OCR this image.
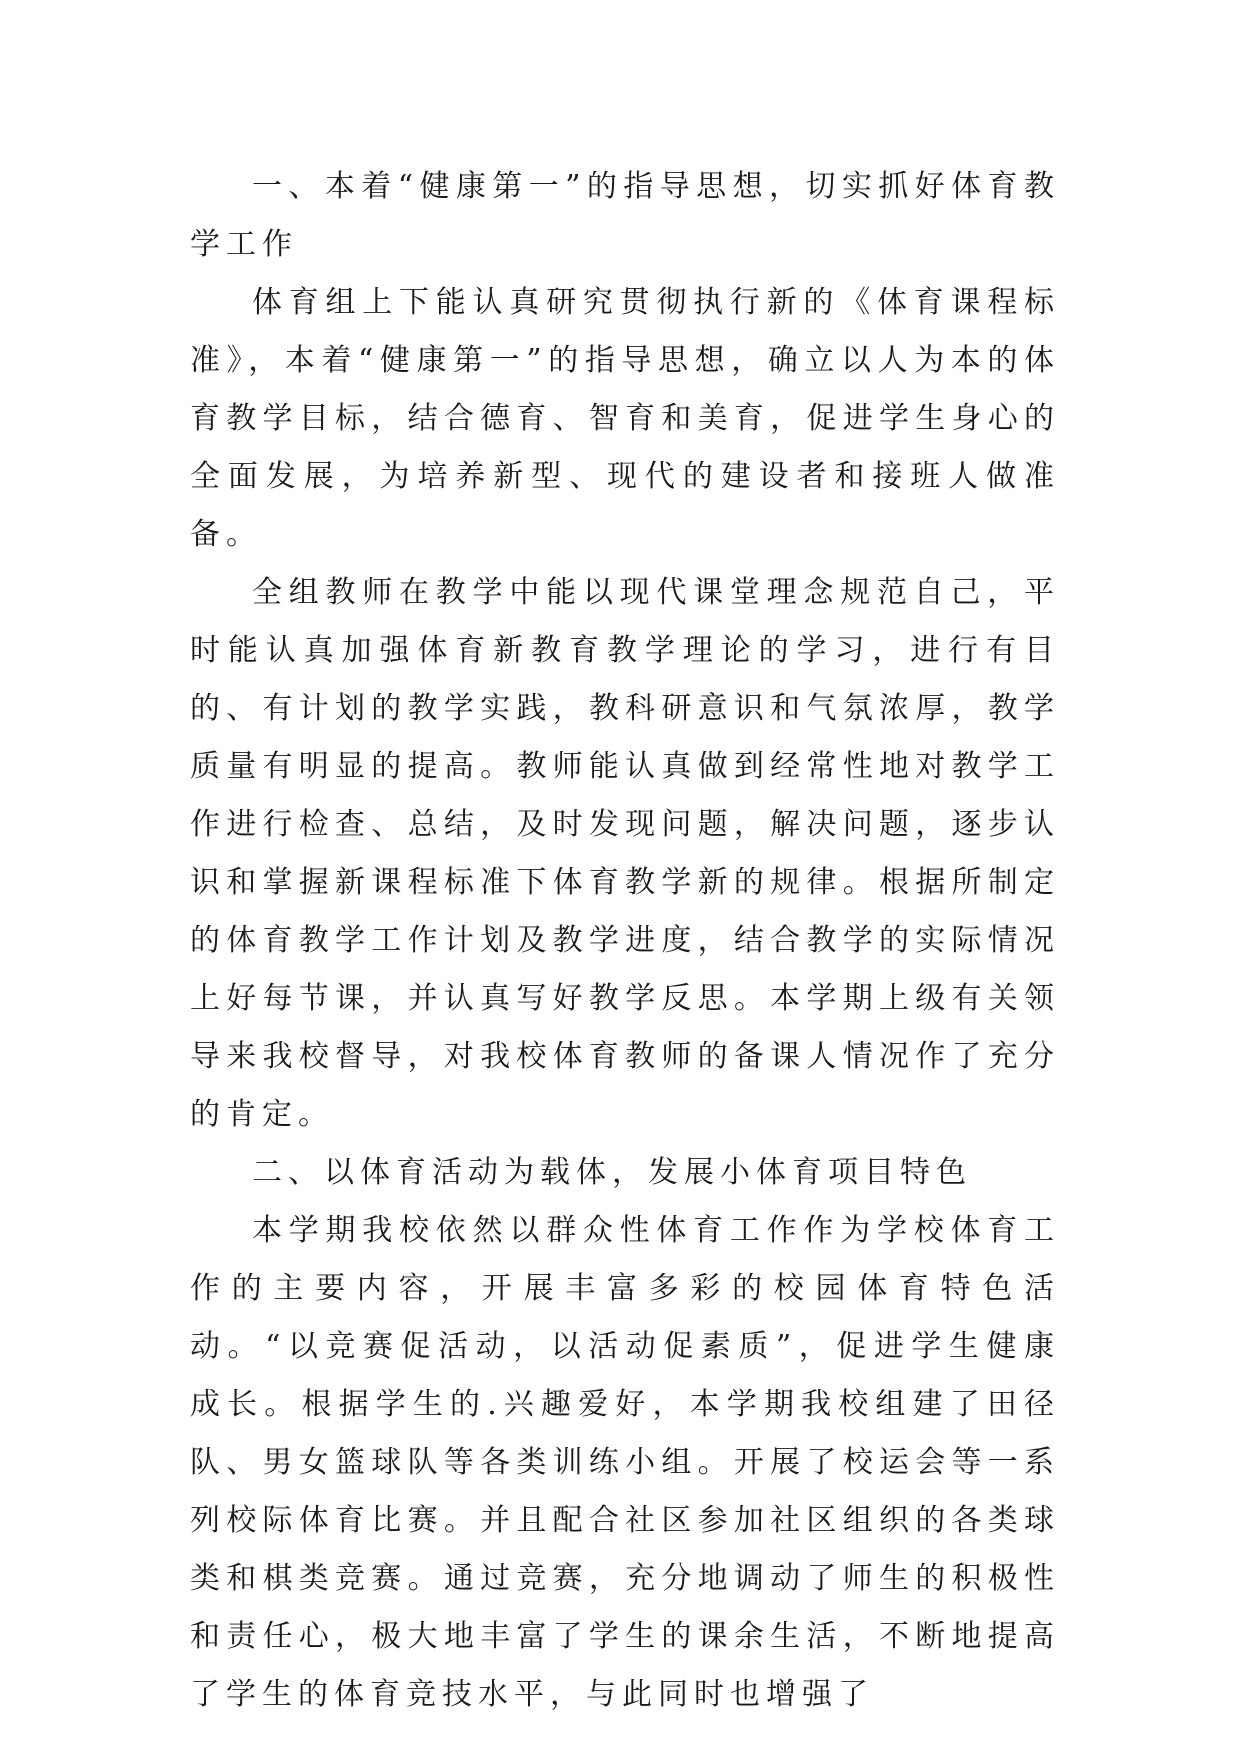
一、本着“健康第一”的指导思想，切实抓好体育教学工作

体育组上下能认真研究贯彻执行新的《体育课程标准》，本着“健康第一”的指导思想，确立以人为本的体育教学目标，结合德育、智育和美育，促进学生身心的全面发展，为培养新型、现代的建设者和接班人做准备。

全组教师在教学中能以现代课堂理念规范自己，平时能认真加强体育新教育教学理论的学习，进行有目的、有计划的教学实践，教科研意识和气氛浓厚，教学质量有明显的提高。教师能认真做到经常性地对教学工作进行检查、总结，及时发现问题，解决问题，逐步认识和掌握新课程标准下体育教学新的规律。根据所制定的体育教学工作计划及教学进度，结合教学的实际情况上好每节课，并认真写好教学反思。本学期上级有关领导来我校督导，对我校体育教师的备课人情况作了充分的肯定。

二、以体育活动为载体，发展小体育项目特色

本学期我校依然以群众性体育工作作为学校体育工作的主要内容，开展丰富多彩的校园体育特色活动。“以竞赛促活动，以活动促素质”，促进学生健康成长。根据学生的.兴趣爱好，本学期我校组建了田径队、男女篮球队等各类训练小组。开展了校运会等一系列校际体育比赛。并且配合社区参加社区组织的各类球类和棋类竞赛。通过竞赛，充分地调动了师生的积极性和责任心，极大地丰富了学生的课余生活，不断地提高了学生的体育竞技水平，与此同时也增强了
